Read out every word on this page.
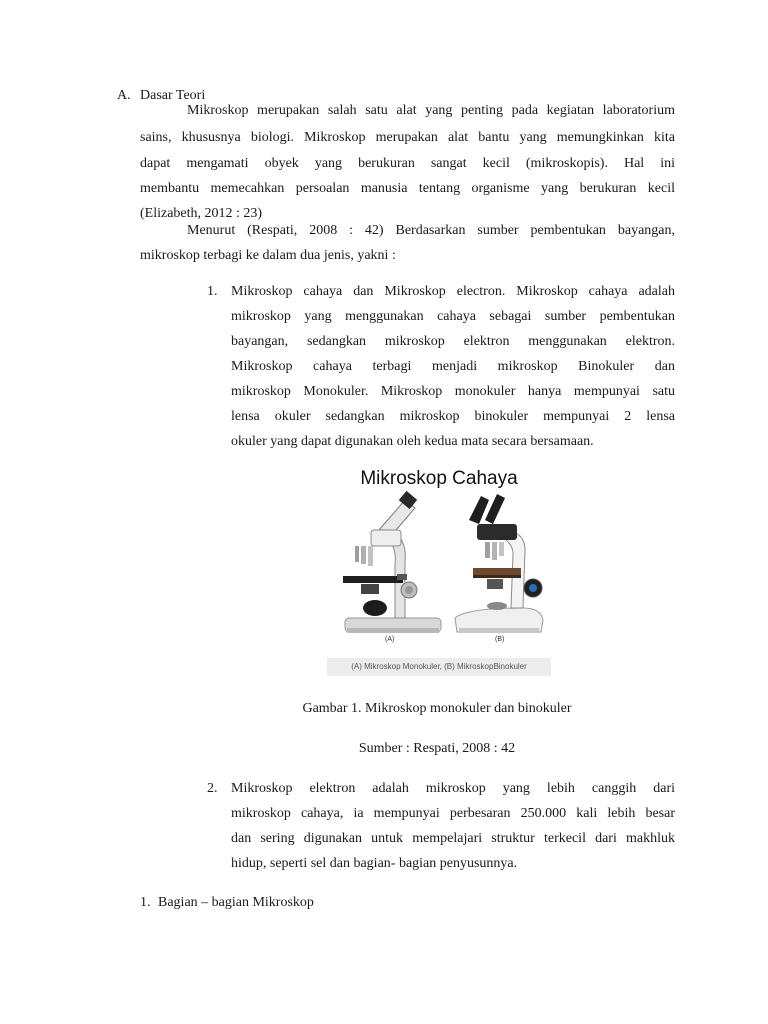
A. Dasar Teori
Mikroskop merupakan salah satu alat yang penting pada kegiatan laboratorium
sains, khususnya biologi. Mikroskop merupakan alat bantu yang memungkinkan kita
dapat mengamati obyek yang berukuran sangat kecil (mikroskopis). Hal ini
membantu memecahkan persoalan manusia tentang organisme yang berukuran kecil
(Elizabeth, 2012 : 23)
Menurut (Respati, 2008 : 42) Berdasarkan sumber pembentukan bayangan,
mikroskop terbagi ke dalam dua jenis, yakni :
1. Mikroskop cahaya dan Mikroskop electron. Mikroskop cahaya adalah
mikroskop yang menggunakan cahaya sebagai sumber pembentukan
bayangan, sedangkan mikroskop elektron menggunakan elektron.
Mikroskop cahaya terbagi menjadi mikroskop Binokuler dan
mikroskop Monokuler. Mikroskop monokuler hanya mempunyai satu
lensa okuler sedangkan mikroskop binokuler mempunyai 2 lensa
okuler yang dapat digunakan oleh kedua mata secara bersamaan.
Mikroskop Cahaya
(A)	(B)
(A) Mikroskop Monokuler, (B) MikroskopBinokuler
Gambar 1. Mikroskop monokuler dan binokuler
Sumber : Respati, 2008 : 42
2. Mikroskop elektron adalah mikroskop yang lebih canggih dari
mikroskop cahaya, ia mempunyai perbesaran 250.000 kali lebih besar
dan sering digunakan untuk mempelajari struktur terkecil dari makhluk
hidup, seperti sel dan bagian- bagian penyusunnya.
1. Bagian – bagian Mikroskop
